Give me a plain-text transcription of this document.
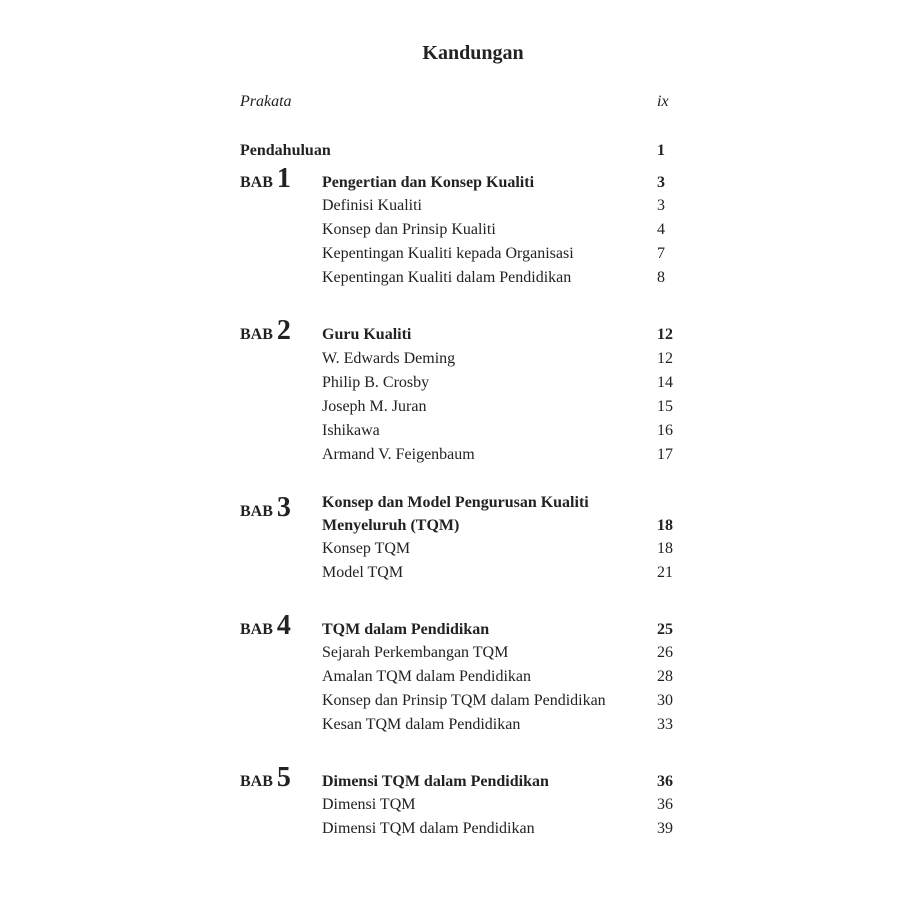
Kandungan
Prakata	ix
Pendahuluan	1
BAB 1 Pengertian dan Konsep Kualiti	3
Definisi Kualiti	3
Konsep dan Prinsip Kualiti	4
Kepentingan Kualiti kepada Organisasi	7
Kepentingan Kualiti dalam Pendidikan	8
BAB 2 Guru Kualiti	12
W. Edwards Deming	12
Philip B. Crosby	14
Joseph M. Juran	15
Ishikawa	16
Armand V. Feigenbaum	17
BAB 3 Konsep dan Model Pengurusan Kualiti
Menyeluruh (TQM)	18
Konsep TQM	18
Model TQM	21
BAB 4 TQM dalam Pendidikan	25
Sejarah Perkembangan TQM	26
Amalan TQM dalam Pendidikan	28
Konsep dan Prinsip TQM dalam Pendidikan	30
Kesan TQM dalam Pendidikan	33
BAB 5 Dimensi TQM dalam Pendidikan	36
Dimensi TQM	36
Dimensi TQM dalam Pendidikan	39
